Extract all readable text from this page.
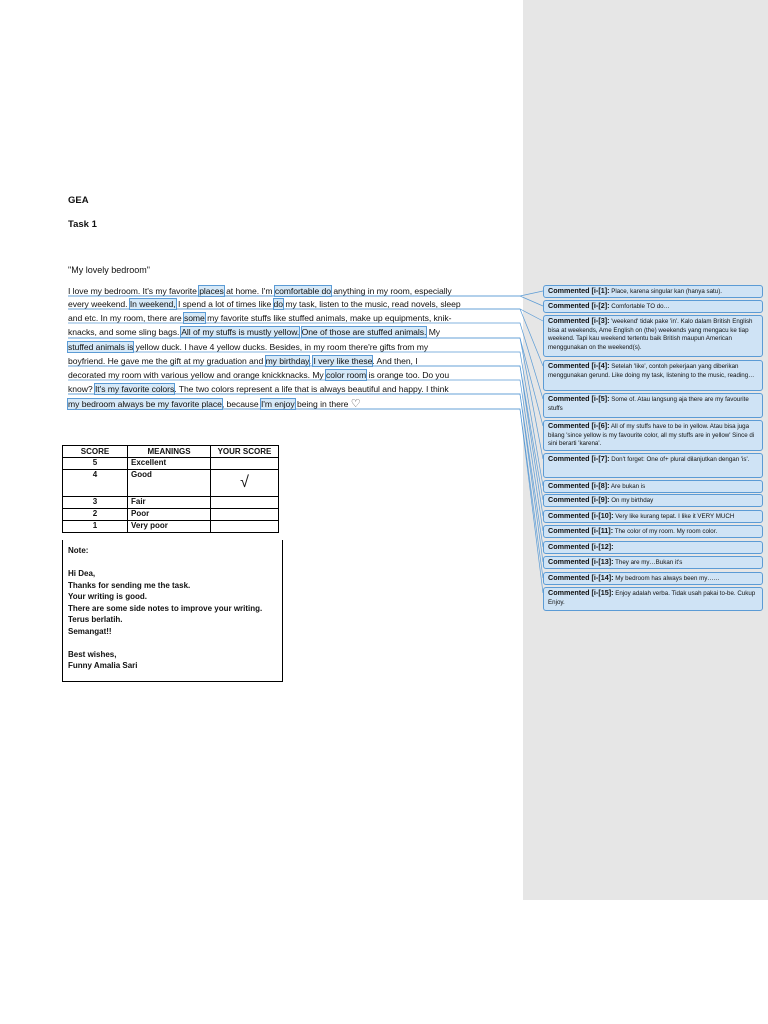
GEA
Task 1
"My lovely bedroom"
I love my bedroom. It's my favorite places at home. I'm comfortable do anything in my room, especially
every weekend. In weekend, I spend a lot of times like do my task, listen to the music, read novels, sleep
and etc. In my room, there are some my favorite stuffs like stuffed animals, make up equipments, knik-
knacks, and some sling bags. All of my stuffs is mustly yellow. One of those are stuffed animals. My
stuffed animals is yellow duck. I have 4 yellow ducks. Besides, in my room there're gifts from my
boyfriend. He gave me the gift at my graduation and my birthday. I very like these. And then, I
decorated my room with various yellow and orange knickknacks. My color room is orange too. Do you
know? It's my favorite colors. The two colors represent a life that is always beautiful and happy. I think
my bedroom always be my favorite place, because I'm enjoy being in there ♡
Commented [i-[1]: Place, karena singular kan (hanya satu).
Commented [i-[2]: Comfortable TO do…
Commented [i-[3]: 'weekend' tidak pake 'in'. Kalo dalam British English bisa at weekends, Ame English on (the) weekends yang mengacu ke tiap weekend. Tapi kau weekend tertentu baik British maupun American menggunakan on the weekend(s).
Commented [i-[4]: Setelah 'like', contoh pekerjaan yang diberikan menggunakan gerund. Like doing my task, listening to the music, reading…
Commented [i-[5]: Some of. Atau langsung aja there are my favourite stuffs
Commented [i-[6]: All of my stuffs have to be in yellow. Atau bisa juga bilang 'since yellow is my favourite color, all my stuffs are in yellow' Since di sini berarti 'karena'.
Commented [i-[7]: Don't forget: One of+ plural dilanjutkan dengan 'is'.
Commented [i-[8]: Are bukan is
Commented [i-[9]: On my birthday
Commented [i-[10]: Very like kurang tepat. I like it VERY MUCH
Commented [i-[11]: The color of my room. My room color.
Commented [i-[12]:
Commented [i-[13]: They are my…Bukan it's
Commented [i-[14]: My bedroom has always been my……
Commented [i-[15]: Enjoy adalah verba. Tidak usah pakai to-be. Cukup Enjoy.
SCORE	MEANINGS	YOUR SCORE
5	Excellent	
4	Good	√
3	Fair	
2	Poor	
1	Very poor	
Note:

Hi Dea,
Thanks for sending me the task.
Your writing is good.
There are some side notes to improve your writing.
Terus berlatih.
Semangat!!

Best wishes,
Funny Amalia Sari
